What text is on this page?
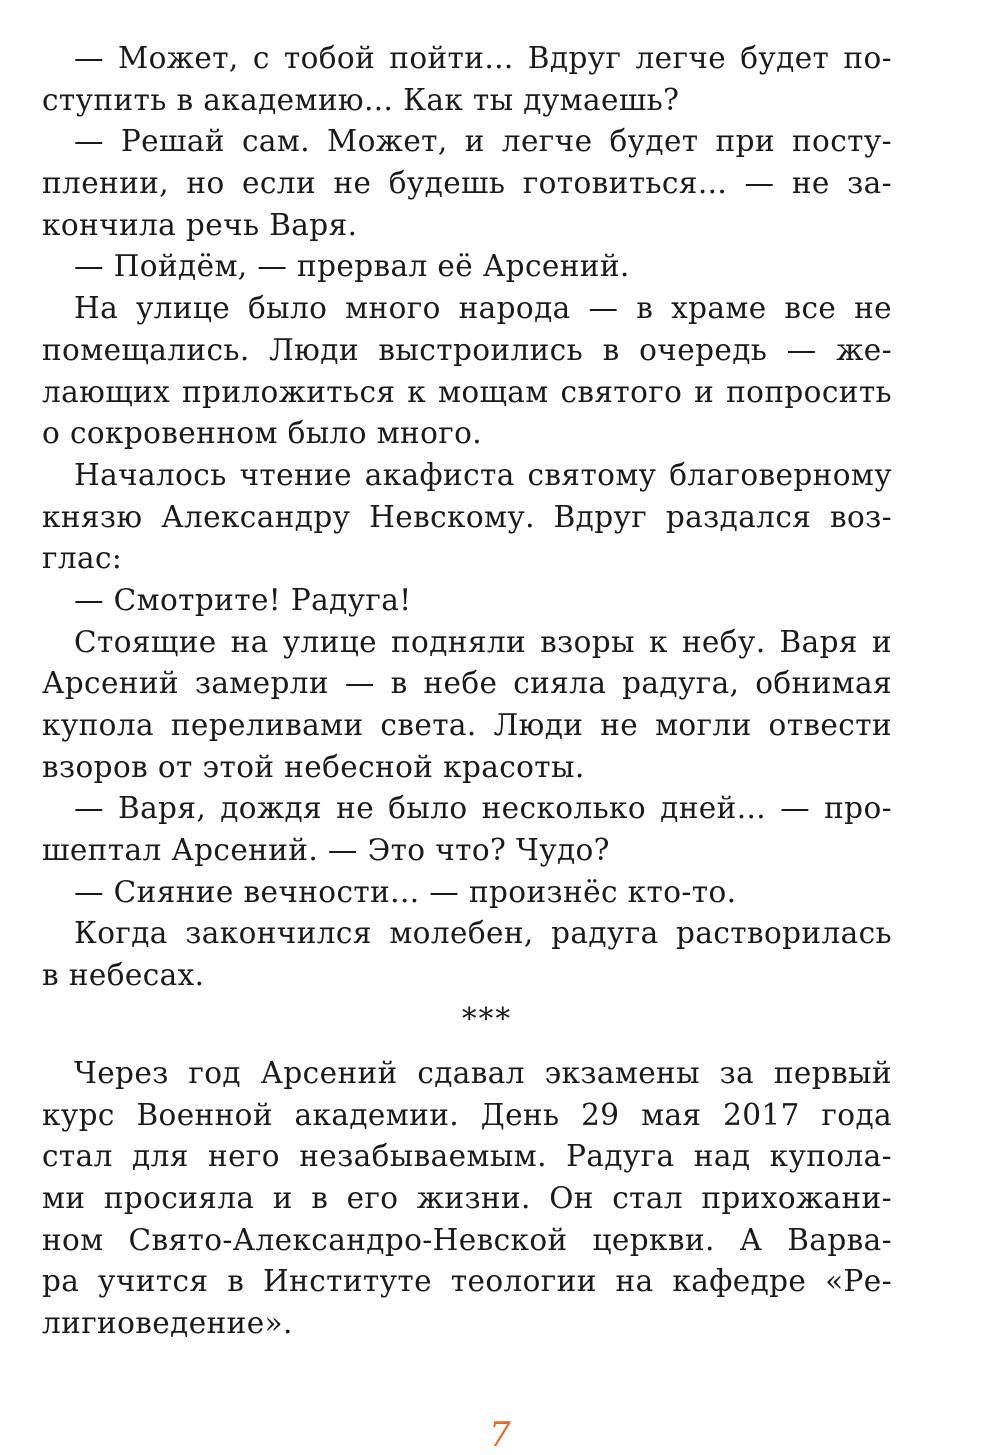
— Может, с тобой пойти... Вдруг легче будет по-
ступить в академию... Как ты думаешь?
— Решай сам. Может, и легче будет при посту-
плении, но если не будешь готовиться... — не за-
кончила речь Варя.
— Пойдём, — прервал её Арсений.
На улице было много народа — в храме все не
помещались. Люди выстроились в очередь — же-
лающих приложиться к мощам святого и попросить
о сокровенном было много.
Началось чтение акафиста святому благоверному
князю Александру Невскому. Вдруг раздался воз-
глас:
— Смотрите! Радуга!
Стоящие на улице подняли взоры к небу. Варя и
Арсений замерли — в небе сияла радуга, обнимая
купола переливами света. Люди не могли отвести
взоров от этой небесной красоты.
— Варя, дождя не было несколько дней... — про-
шептал Арсений. — Это что? Чудо?
— Сияние вечности... — произнёс кто-то.
Когда закончился молебен, радуга растворилась
в небесах.
***
Через год Арсений сдавал экзамены за первый
курс Военной академии. День 29 мая 2017 года
стал для него незабываемым. Радуга над купола-
ми просияла и в его жизни. Он стал прихожани-
ном Свято-Александро-Невской церкви. А Варва-
ра учится в Институте теологии на кафедре «Ре-
лигиоведение».
7
